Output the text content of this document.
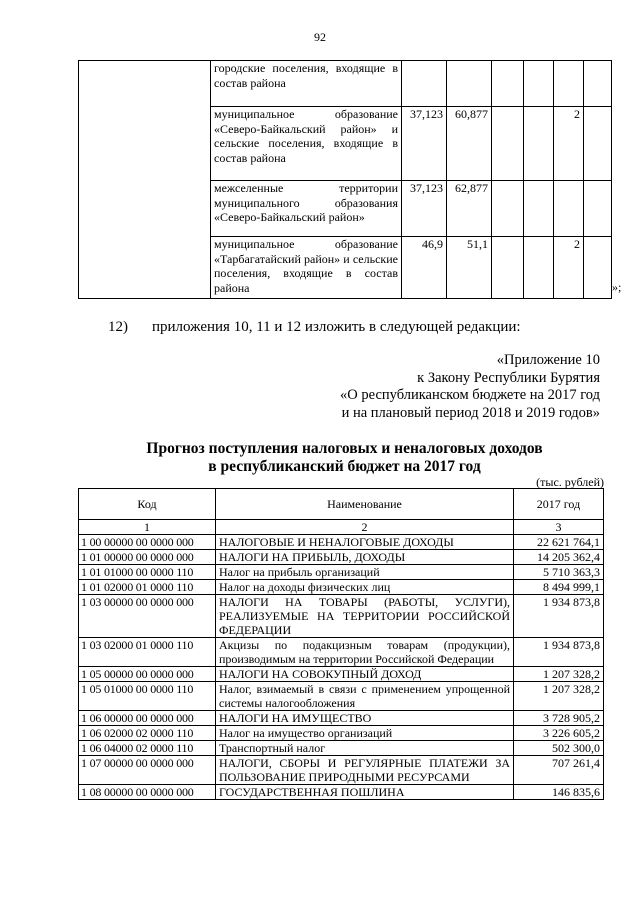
92
	городские поселения, входящие в состав района						
	муниципальное образование «Северо-Байкальский район» и сельские поселения, входящие в состав района	37,123	60,877			2	
	межселенные территории муниципального образования «Северо-Байкальский район»	37,123	62,877				
	муниципальное образование «Тарбагатайский район» и сельские поселения, входящие в состав района	46,9	51,1			2	
»;
12) приложения 10, 11 и 12 изложить в следующей редакции:
«Приложение 10
к Закону Республики Бурятия
«О республиканском бюджете на 2017 год
и на плановый период 2018 и 2019 годов»
Прогноз поступления налоговых и неналоговых доходов
в республиканский бюджет на 2017 год
(тыс. рублей)
Код	Наименование	2017 год
1	2	3
1 00 00000 00 0000 000	НАЛОГОВЫЕ И НЕНАЛОГОВЫЕ ДОХОДЫ	22 621 764,1
1 01 00000 00 0000 000	НАЛОГИ НА ПРИБЫЛЬ, ДОХОДЫ	14 205 362,4
1 01 01000 00 0000 110	Налог на прибыль организаций	5 710 363,3
1 01 02000 01 0000 110	Налог на доходы физических лиц	8 494 999,1
1 03 00000 00 0000 000	НАЛОГИ НА ТОВАРЫ (РАБОТЫ, УСЛУГИ), РЕАЛИЗУЕМЫЕ НА ТЕРРИТОРИИ РОССИЙСКОЙ ФЕДЕРАЦИИ	1 934 873,8
1 03 02000 01 0000 110	Акцизы по подакцизным товарам (продукции), производимым на территории Российской Федерации	1 934 873,8
1 05 00000 00 0000 000	НАЛОГИ НА СОВОКУПНЫЙ ДОХОД	1 207 328,2
1 05 01000 00 0000 110	Налог, взимаемый в связи с применением упрощенной системы налогообложения	1 207 328,2
1 06 00000 00 0000 000	НАЛОГИ НА ИМУЩЕСТВО	3 728 905,2
1 06 02000 02 0000 110	Налог на имущество организаций	3 226 605,2
1 06 04000 02 0000 110	Транспортный налог	502 300,0
1 07 00000 00 0000 000	НАЛОГИ, СБОРЫ И РЕГУЛЯРНЫЕ ПЛАТЕЖИ ЗА ПОЛЬЗОВАНИЕ ПРИРОДНЫМИ РЕСУРСАМИ	707 261,4
1 08 00000 00 0000 000	ГОСУДАРСТВЕННАЯ ПОШЛИНА	146 835,6
